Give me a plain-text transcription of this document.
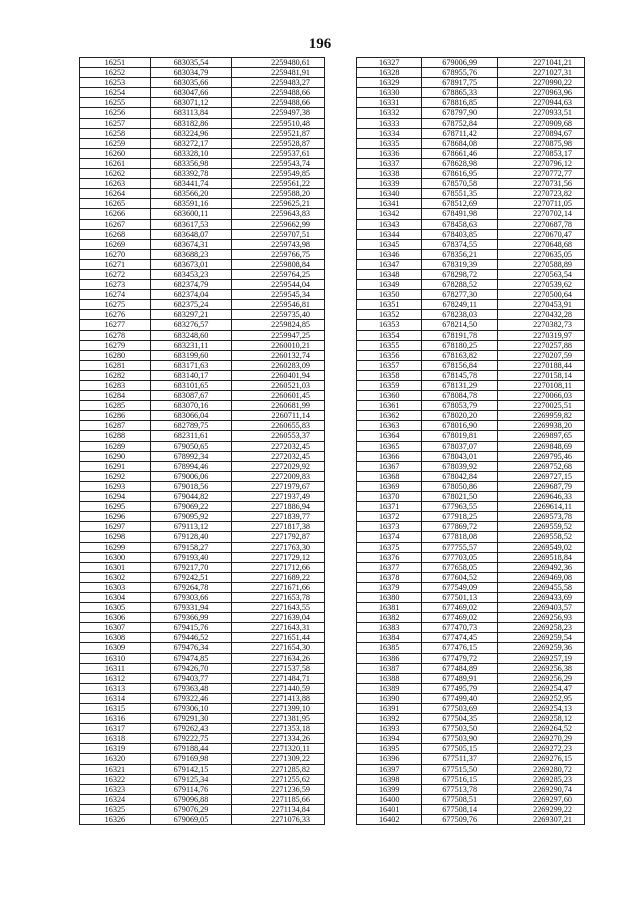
196
16251	683035,54	2259480,61
16252	683034,79	2259481,91
16253	683035,66	2259483,27
16254	683047,66	2259488,66
16255	683071,12	2259488,66
16256	683113,84	2259497,38
16257	683182,86	2259510,48
16258	683224,96	2259521,87
16259	683272,17	2259528,87
16260	683328,10	2259537,61
16261	683356,98	2259543,74
16262	683392,78	2259549,85
16263	683441,74	2259561,22
16264	683566,20	2259588,20
16265	683591,16	2259625,21
16266	683600,11	2259643,83
16267	683617,53	2259662,99
16268	683648,07	2259707,51
16269	683674,31	2259743,98
16270	683688,23	2259766,75
16271	683673,01	2259808,84
16272	683453,23	2259764,25
16273	682374,79	2259544,04
16274	682374,04	2259545,34
16275	682375,24	2259546,81
16276	683297,21	2259735,40
16277	683276,57	2259824,85
16278	683248,60	2259947,25
16279	683231,11	2260010,21
16280	683199,60	2260132,74
16281	683171,63	2260283,09
16282	683140,17	2260401,94
16283	683101,65	2260521,03
16284	683087,67	2260601,45
16285	683070,16	2260681,99
16286	683066,04	2260711,14
16287	682789,75	2260655,83
16288	682311,61	2260553,37
16289	679050,65	2272032,45
16290	678992,34	2272032,45
16291	678994,46	2272029,92
16292	679006,06	2272009,83
16293	679018,56	2271979,67
16294	679044,82	2271937,49
16295	679069,22	2271886,94
16296	679095,92	2271839,77
16297	679113,12	2271817,38
16298	679128,40	2271792,87
16299	679158,27	2271763,30
16300	679193,40	2271729,12
16301	679217,70	2271712,66
16302	679242,51	2271689,22
16303	679264,78	2271671,66
16304	679303,66	2271653,78
16305	679331,94	2271643,55
16306	679366,99	2271639,04
16307	679415,76	2271643,31
16308	679446,52	2271651,44
16309	679476,34	2271654,30
16310	679474,85	2271634,26
16311	679426,70	2271537,58
16312	679403,77	2271484,71
16313	679363,48	2271440,59
16314	679322,46	2271413,88
16315	679306,10	2271399,10
16316	679291,30	2271381,95
16317	679262,43	2271353,18
16318	679222,75	2271334,26
16319	679188,44	2271320,11
16320	679169,98	2271309,22
16321	679142,15	2271285,82
16322	679125,34	2271255,62
16323	679114,76	2271236,59
16324	679096,88	2271185,66
16325	679076,29	2271134,84
16326	679069,05	2271076,33
16327	679006,99	2271041,21
16328	678955,76	2271027,31
16329	678917,75	2270990,22
16330	678865,33	2270963,96
16331	678816,85	2270944,63
16332	678797,90	2270933,51
16333	678752,84	2270909,68
16334	678711,42	2270894,67
16335	678684,08	2270875,98
16336	678661,46	2270853,17
16337	678628,98	2270796,12
16338	678616,95	2270772,77
16339	678570,58	2270731,56
16340	678551,35	2270723,82
16341	678512,69	2270711,05
16342	678491,98	2270702,14
16343	678458,63	2270687,78
16344	678403,85	2270670,47
16345	678374,55	2270648,68
16346	678356,21	2270635,05
16347	678319,39	2270588,89
16348	678298,72	2270563,54
16349	678288,52	2270539,62
16350	678277,30	2270500,64
16351	678249,11	2270453,91
16352	678238,03	2270432,28
16353	678214,50	2270382,73
16354	678191,78	2270319,97
16355	678180,25	2270257,88
16356	678163,82	2270207,59
16357	678156,84	2270188,44
16358	678145,78	2270158,14
16359	678131,29	2270108,11
16360	678084,78	2270066,03
16361	678053,79	2270025,51
16362	678020,20	2269959,82
16363	678016,90	2269938,20
16364	678019,81	2269897,65
16365	678037,07	2269848,69
16366	678043,01	2269795,46
16367	678039,92	2269752,68
16368	678042,84	2269727,15
16369	678050,86	2269687,79
16370	678021,50	2269646,33
16371	677963,55	2269614,11
16372	677918,25	2269573,78
16373	677869,72	2269559,52
16374	677818,08	2269558,52
16375	677755,57	2269549,02
16376	677703,05	2269518,84
16377	677658,05	2269492,36
16378	677604,52	2269469,08
16379	677549,09	2269455,58
16380	677501,13	2269433,69
16381	677469,02	2269403,57
16382	677469,02	2269256,93
16383	677470,73	2269258,23
16384	677474,45	2269259,54
16385	677476,15	2269259,36
16386	677479,72	2269257,19
16387	677484,89	2269256,38
16388	677489,91	2269256,29
16389	677495,79	2269254,47
16390	677499,40	2269252,95
16391	677503,69	2269254,13
16392	677504,35	2269258,12
16393	677503,50	2269264,52
16394	677503,90	2269270,29
16395	677505,15	2269272,23
16396	677511,37	2269276,15
16397	677515,50	2269280,72
16398	677516,15	2269285,23
16399	677513,78	2269290,74
16400	677508,51	2269297,60
16401	677508,14	2269299,22
16402	677509,76	2269307,21
